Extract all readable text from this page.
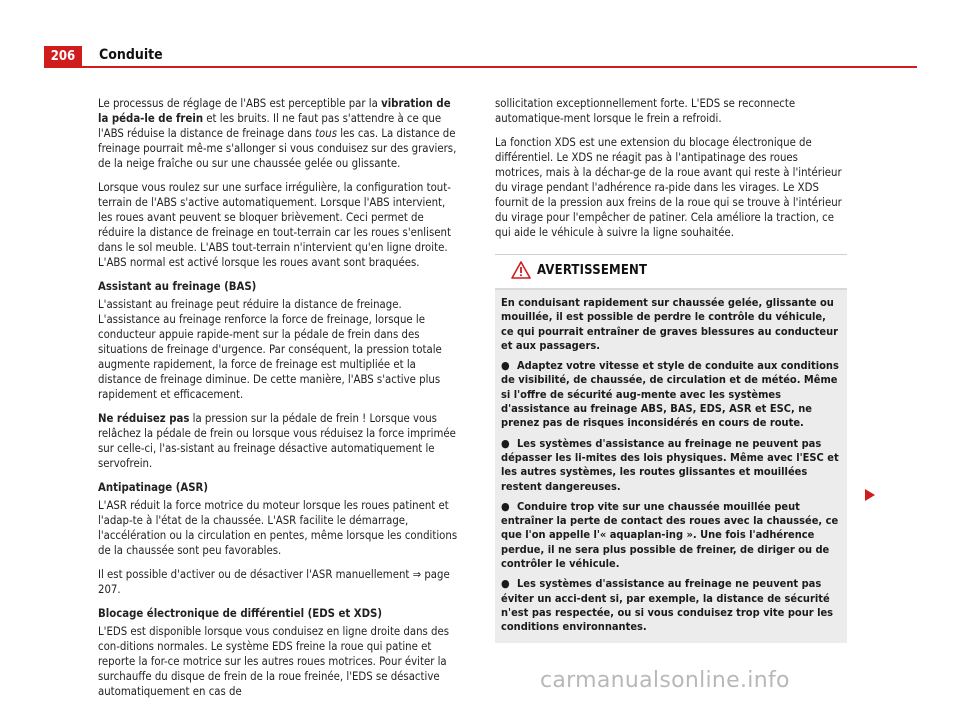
206	Conduite

Le processus de réglage de l'ABS est perceptible par la vibration de la péda-le de frein et les bruits. Il ne faut pas s'attendre à ce que l'ABS réduise la distance de freinage dans tous les cas. La distance de freinage pourrait mê-me s'allonger si vous conduisez sur des graviers, de la neige fraîche ou sur une chaussée gelée ou glissante.

Lorsque vous roulez sur une surface irrégulière, la configuration tout-terrain de l'ABS s'active automatiquement. Lorsque l'ABS intervient, les roues avant peuvent se bloquer brièvement. Ceci permet de réduire la distance de freinage en tout-terrain car les roues s'enlisent dans le sol meuble. L'ABS tout-terrain n'intervient qu'en ligne droite. L'ABS normal est activé lorsque les roues avant sont braquées.

Assistant au freinage (BAS)

L'assistant au freinage peut réduire la distance de freinage. L'assistance au freinage renforce la force de freinage, lorsque le conducteur appuie rapide-ment sur la pédale de frein dans des situations de freinage d'urgence. Par conséquent, la pression totale augmente rapidement, la force de freinage est multipliée et la distance de freinage diminue. De cette manière, l'ABS s'active plus rapidement et efficacement.

Ne réduisez pas la pression sur la pédale de frein ! Lorsque vous relâchez la pédale de frein ou lorsque vous réduisez la force imprimée sur celle-ci, l'as-sistant au freinage désactive automatiquement le servofrein.

Antipatinage (ASR)

L'ASR réduit la force motrice du moteur lorsque les roues patinent et l'adap-te à l'état de la chaussée. L'ASR facilite le démarrage, l'accélération ou la circulation en pentes, même lorsque les conditions de la chaussée sont peu favorables.

Il est possible d'activer ou de désactiver l'ASR manuellement ⇒ page 207.

Blocage électronique de différentiel (EDS et XDS)

L'EDS est disponible lorsque vous conduisez en ligne droite dans des con-ditions normales. Le système EDS freine la roue qui patine et reporte la for-ce motrice sur les autres roues motrices. Pour éviter la surchauffe du disque de frein de la roue freinée, l'EDS se désactive automatiquement en cas de

sollicitation exceptionnellement forte. L'EDS se reconnecte automatique-ment lorsque le frein a refroidi.

La fonction XDS est une extension du blocage électronique de différentiel. Le XDS ne réagit pas à l'antipatinage des roues motrices, mais à la déchar-ge de la roue avant qui reste à l'intérieur du virage pendant l'adhérence ra-pide dans les virages. Le XDS fournit de la pression aux freins de la roue qui se trouve à l'intérieur du virage pour l'empêcher de patiner. Cela améliore la traction, ce qui aide le véhicule à suivre la ligne souhaitée.

AVERTISSEMENT

En conduisant rapidement sur chaussée gelée, glissante ou mouillée, il est possible de perdre le contrôle du véhicule, ce qui pourrait entraîner de graves blessures au conducteur et aux passagers.

● Adaptez votre vitesse et style de conduite aux conditions de visibilité, de chaussée, de circulation et de météo. Même si l'offre de sécurité aug-mente avec les systèmes d'assistance au freinage ABS, BAS, EDS, ASR et ESC, ne prenez pas de risques inconsidérés en cours de route.

● Les systèmes d'assistance au freinage ne peuvent pas dépasser les li-mites des lois physiques. Même avec l'ESC et les autres systèmes, les routes glissantes et mouillées restent dangereuses.

● Conduire trop vite sur une chaussée mouillée peut entraîner la perte de contact des roues avec la chaussée, ce que l'on appelle l'« aquaplan-ing ». Une fois l'adhérence perdue, il ne sera plus possible de freiner, de diriger ou de contrôler le véhicule.

● Les systèmes d'assistance au freinage ne peuvent pas éviter un acci-dent si, par exemple, la distance de sécurité n'est pas respectée, ou si vous conduisez trop vite pour les conditions environnantes.

carmanualsonline.info
